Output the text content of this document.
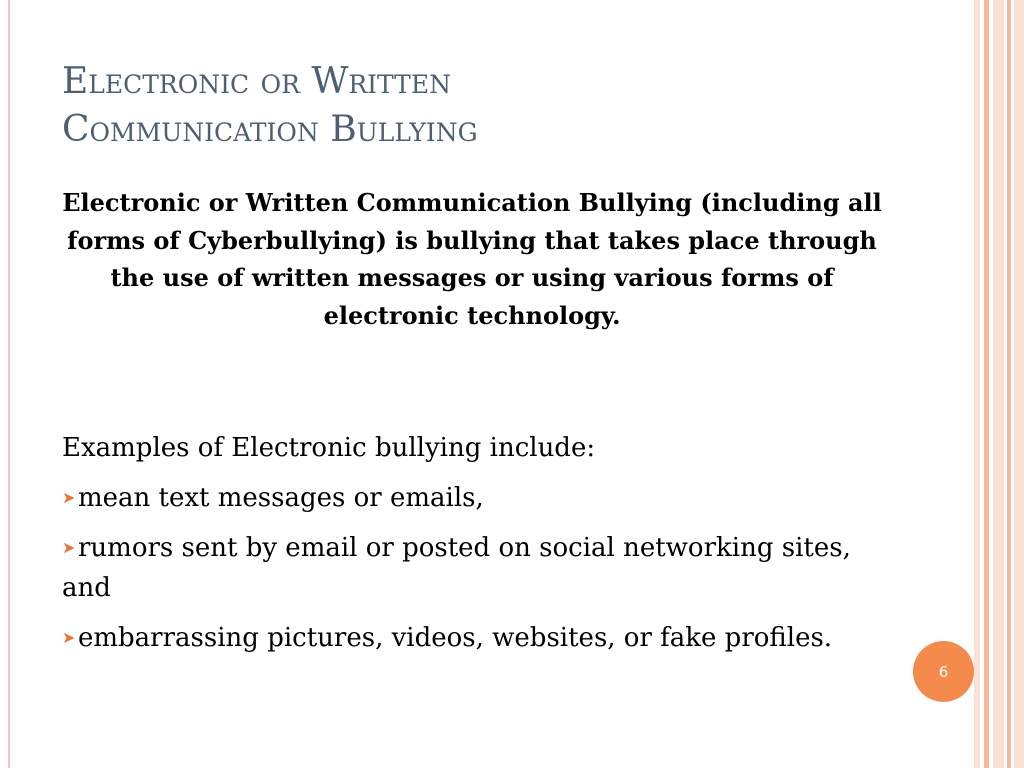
Electronic or Written
Communication Bullying
Electronic or Written Communication Bullying (including all forms of Cyberbullying) is bullying that takes place through the use of written messages or using various forms of electronic technology.
Examples of Electronic bullying include:
➤mean text messages or emails,
➤rumors sent by email or posted on social networking sites, and
➤embarrassing pictures, videos, websites, or fake profiles.
6
